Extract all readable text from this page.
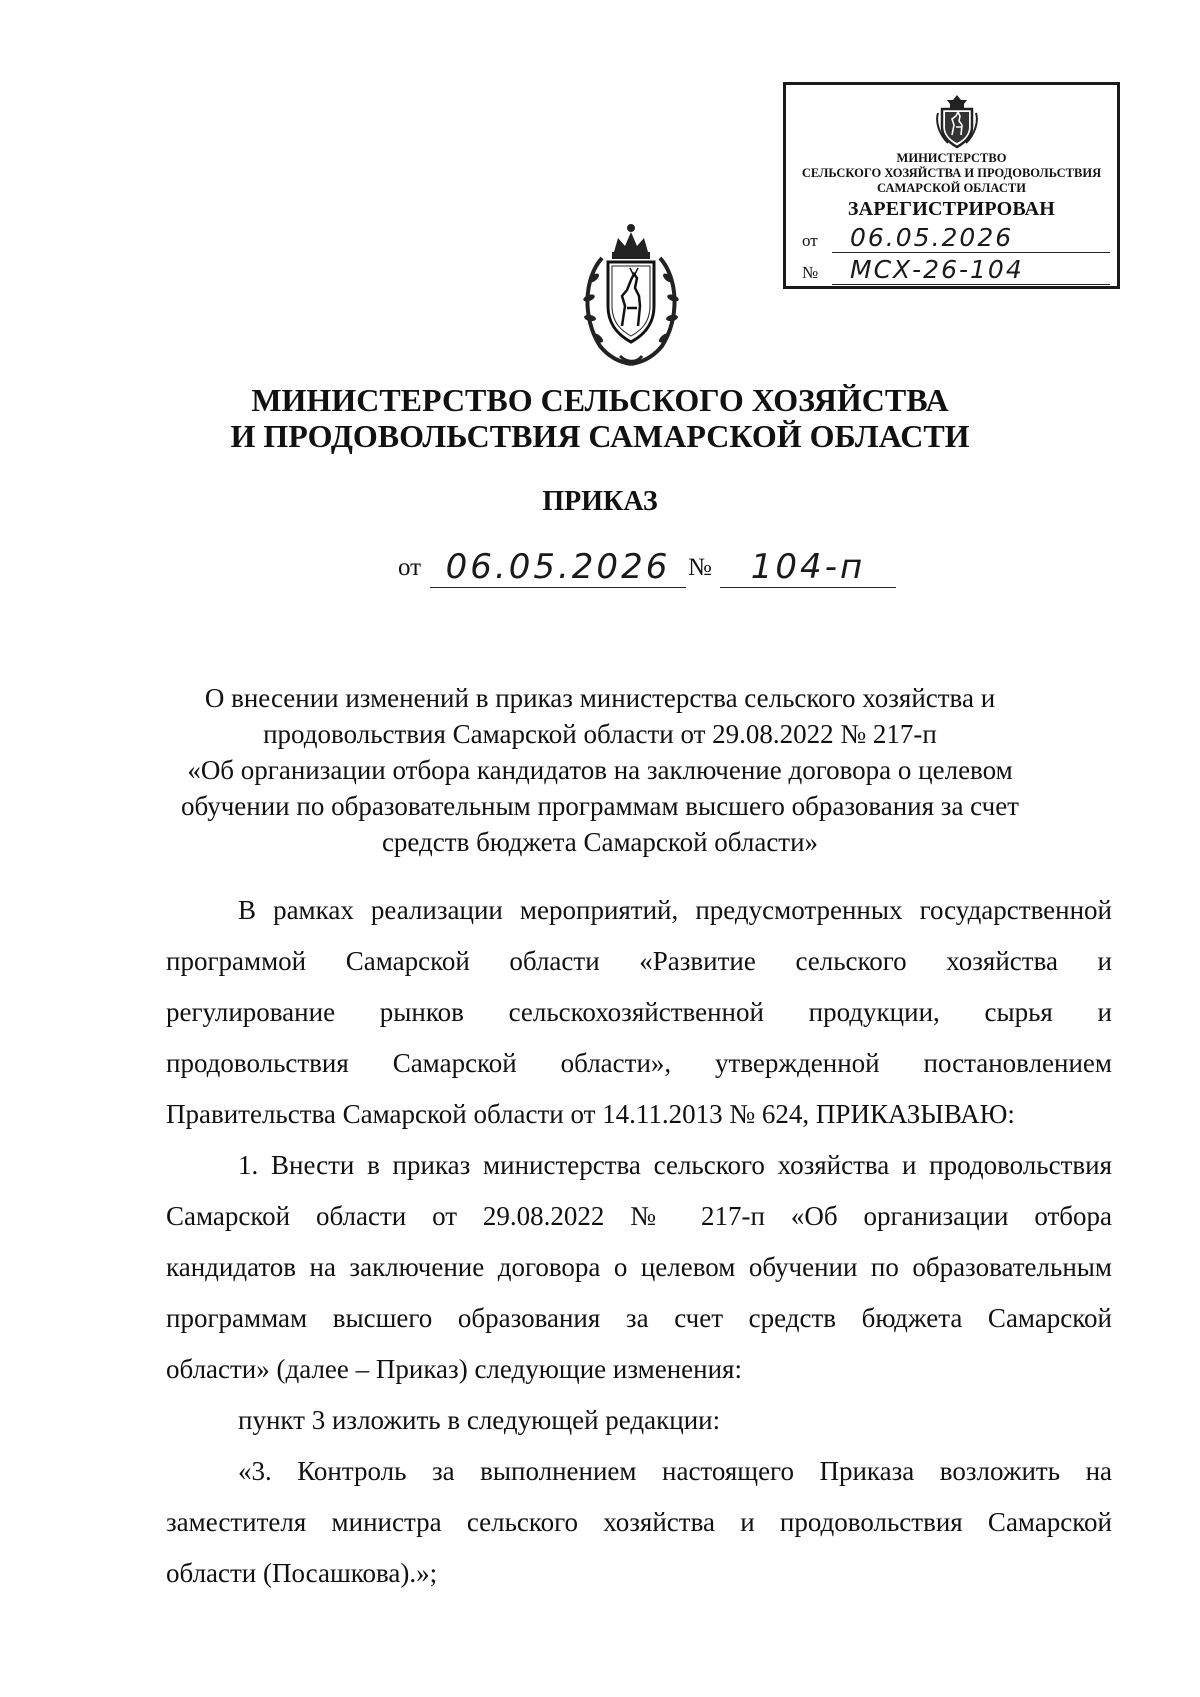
МИНИСТЕРСТВО
СЕЛЬСКОГО ХОЗЯЙСТВА И ПРОДОВОЛЬСТВИЯ
САМАРСКОЙ ОБЛАСТИ
ЗАРЕГИСТРИРОВАН
от	06.05.2026
№	МСХ-26-104
МИНИСТЕРСТВО СЕЛЬСКОГО ХОЗЯЙСТВА
И ПРОДОВОЛЬСТВИЯ САМАРСКОЙ ОБЛАСТИ
ПРИКАЗ
от 06.05.2026 №	104-п
О внесении изменений в приказ министерства сельского хозяйства и
продовольствия Самарской области от 29.08.2022 № 217-п
«Об организации отбора кандидатов на заключение договора о целевом
обучении по образовательным программам высшего образования за счет
средств бюджета Самарской области»
В рамках реализации мероприятий, предусмотренных государственной
программой Самарской области «Развитие сельского хозяйства и
регулирование рынков сельскохозяйственной продукции, сырья и
продовольствия Самарской области», утвержденной постановлением
Правительства Самарской области от 14.11.2013 № 624, ПРИКАЗЫВАЮ:
1. Внести в приказ министерства сельского хозяйства и продовольствия
Самарской области от 29.08.2022 № 217-п «Об организации отбора
кандидатов на заключение договора о целевом обучении по образовательным
программам высшего образования за счет средств бюджета Самарской
области» (далее – Приказ) следующие изменения:
пункт 3 изложить в следующей редакции:
«3. Контроль за выполнением настоящего Приказа возложить на
заместителя министра сельского хозяйства и продовольствия Самарской
области (Посашкова).»;
